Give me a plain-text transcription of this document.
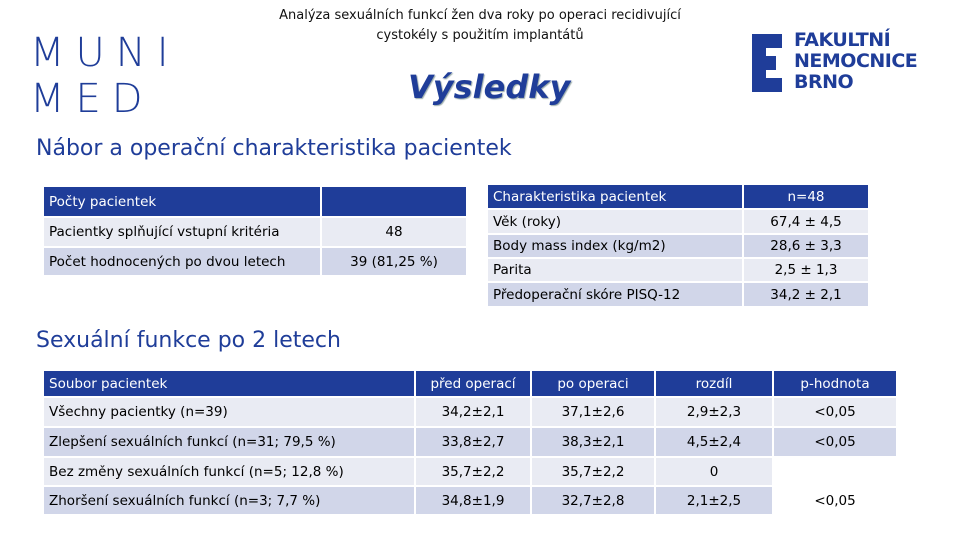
Analýza sexuálních funkcí žen dva roky po operaci recidivující
cystokély s použitím implantátů
MUNI
MED
FAKULTNÍ
NEMOCNICE
BRNO
Výsledky
Nábor a operační charakteristika pacientek
Počty pacientek
Pacientky splňující vstupní kritéria	48
Počet hodnocených po dvou letech	39 (81,25 %)
Charakteristika pacientek	n=48
Věk (roky)	67,4 ± 4,5
Body mass index (kg/m2)	28,6 ± 3,3
Parita	2,5 ± 1,3
Předoperační skóre PISQ-12	34,2 ± 2,1
Sexuální funkce po 2 letech
Soubor pacientek	před operací	po operaci	rozdíl	p-hodnota
Všechny pacientky (n=39)	34,2±2,1	37,1±2,6	2,9±2,3	<0,05
Zlepšení sexuálních funkcí (n=31; 79,5 %)	33,8±2,7	38,3±2,1	4,5±2,4	<0,05
Bez změny sexuálních funkcí (n=5; 12,8 %)	35,7±2,2	35,7±2,2	0
Zhoršení sexuálních funkcí (n=3; 7,7 %)	34,8±1,9	32,7±2,8	2,1±2,5	<0,05
